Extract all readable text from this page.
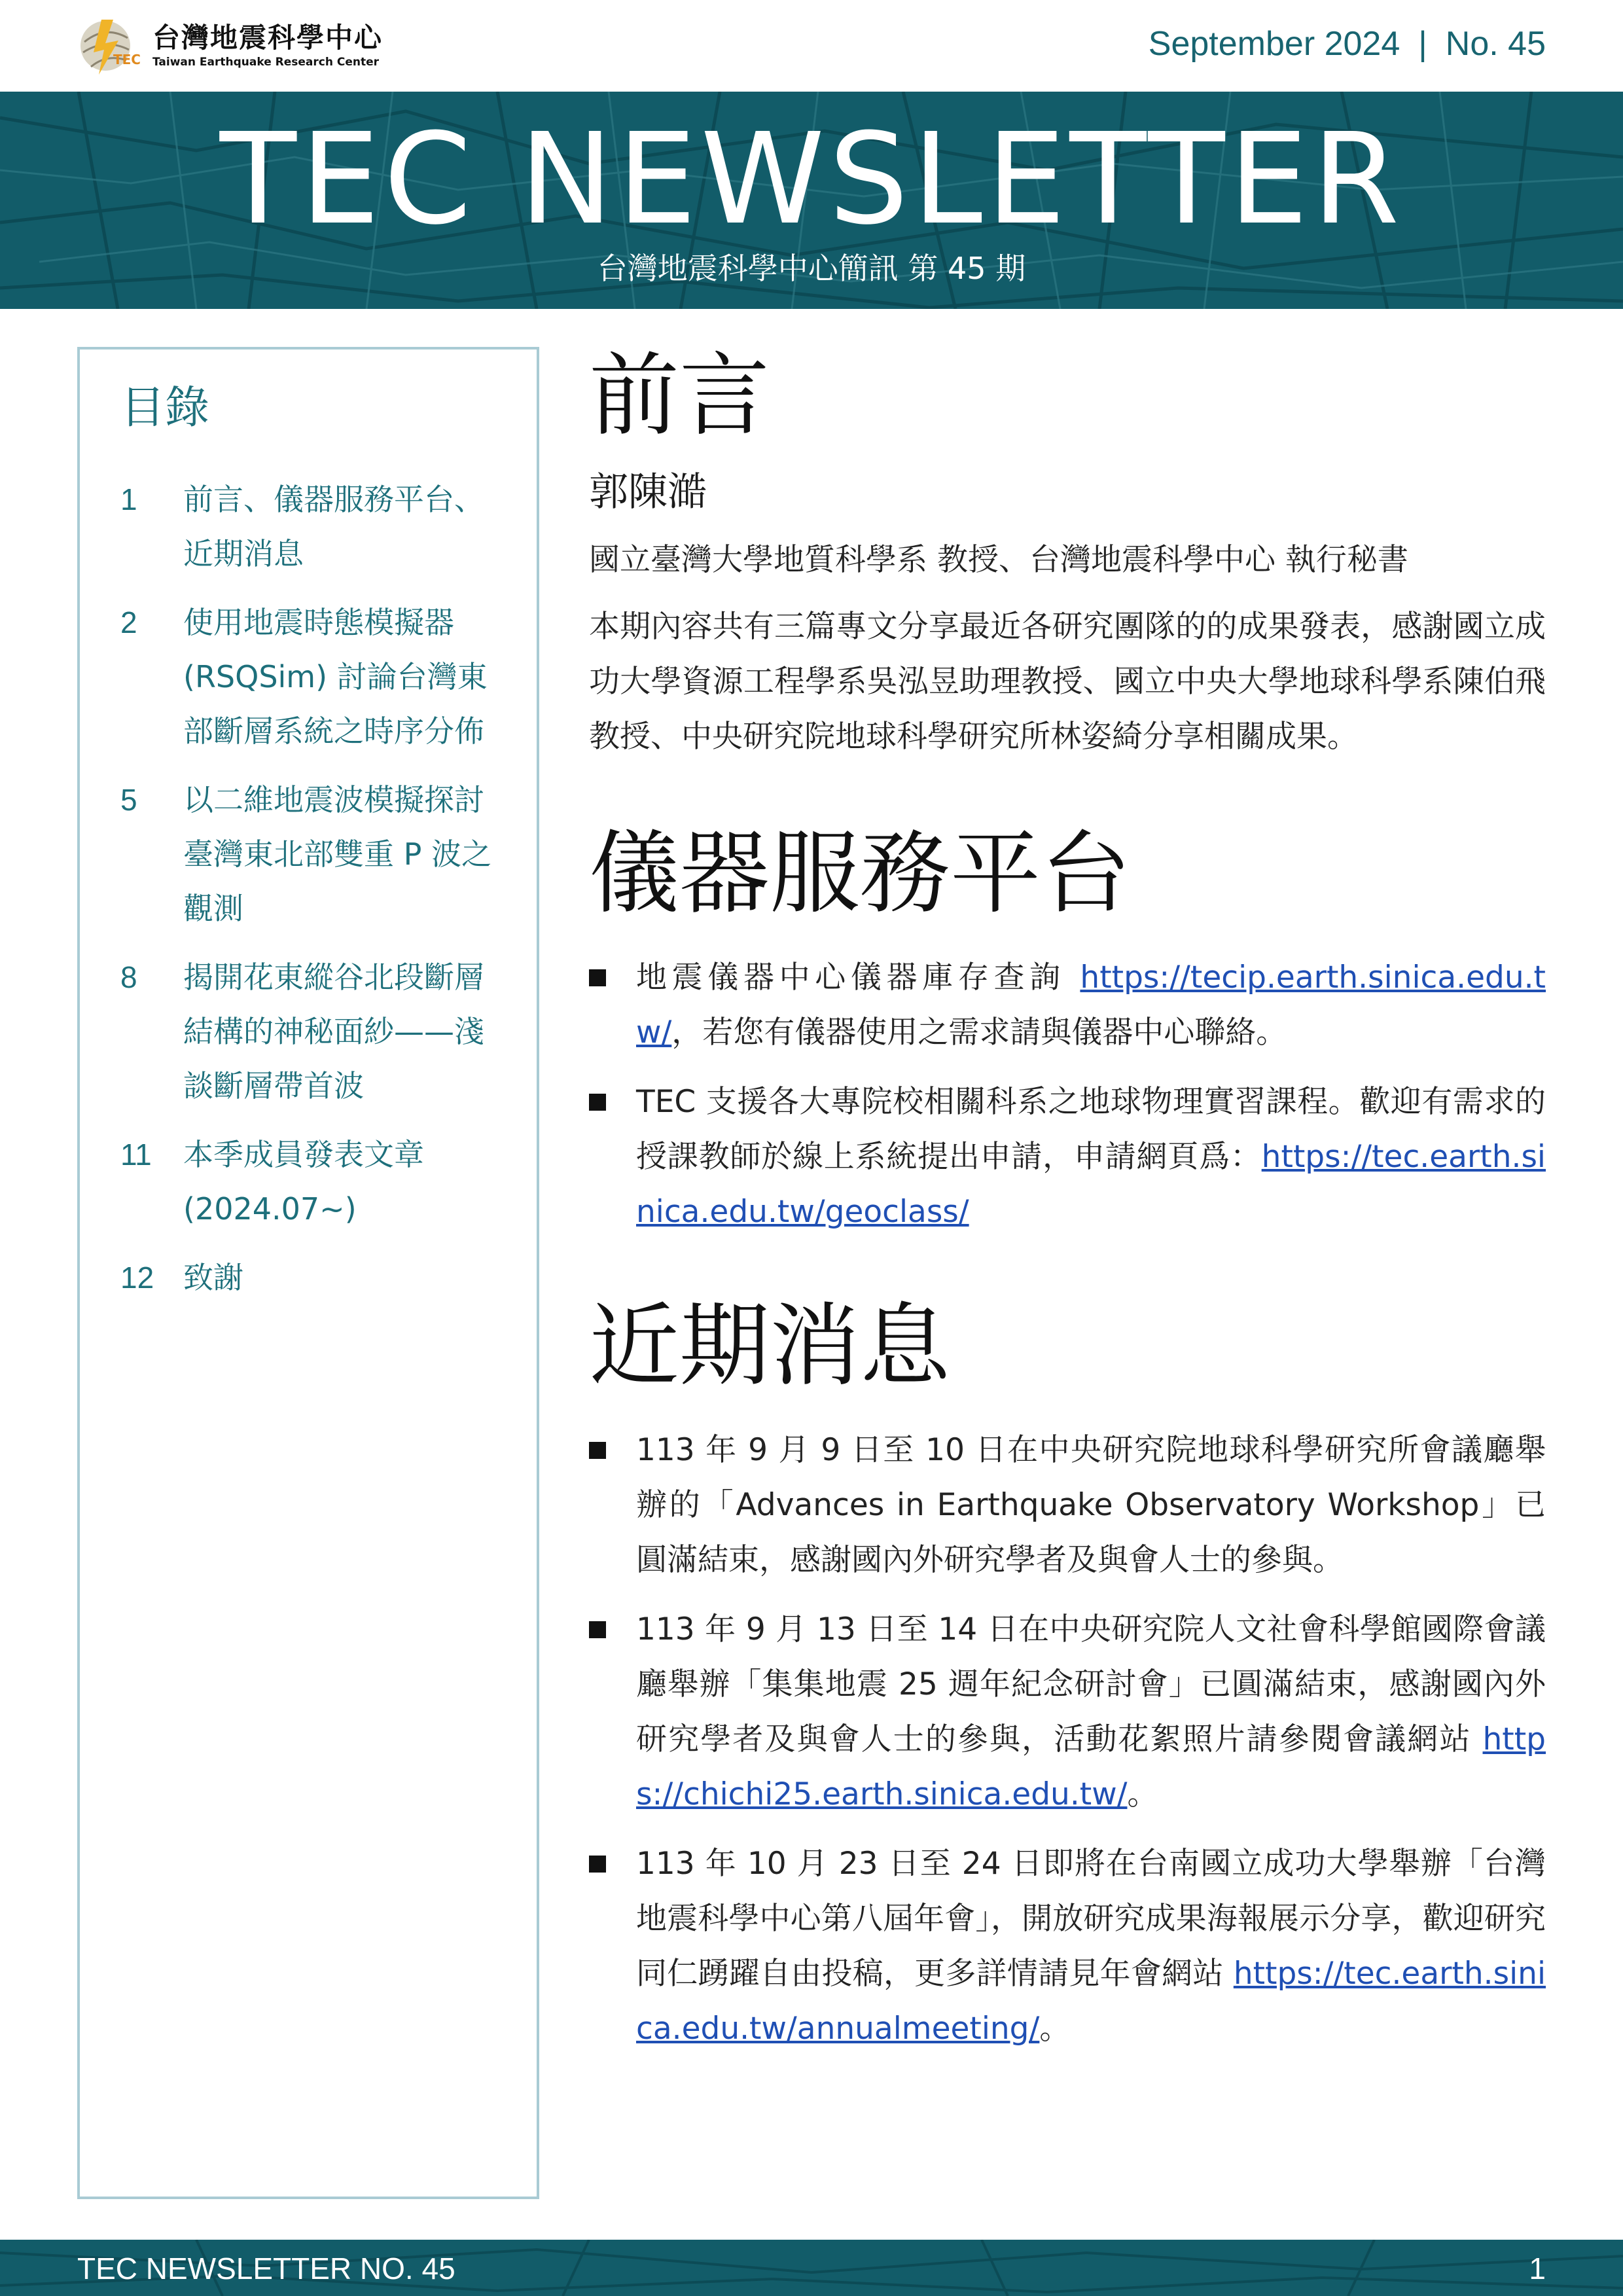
TEC
台灣地震科學中心
Taiwan Earthquake Research Center	September 2024 | No. 45
TEC NEWSLETTER
台灣地震科學中心簡訊 第 45 期
目錄
1	前言、儀器服務平台、近期消息
2	使用地震時態模擬器 (RSQSim) 討論台灣東部斷層系統之時序分佈
5	以二維地震波模擬探討臺灣東北部雙重 P 波之觀測
8	揭開花東縱谷北段斷層結構的神秘面紗——淺談斷層帶首波
11	本季成員發表文章 (2024.07~)
12 致謝
前言

郭陳澔

國立臺灣大學地質科學系 教授、台灣地震科學中心 執行秘書

本期內容共有三篇專文分享最近各研究團隊的的成果發表，感謝國立成功大學資源工程學系吳泓昱助理教授、國立中央大學地球科學系陳伯飛教授、中央研究院地球科學研究所林姿綺分享相關成果。

儀器服務平台
地震儀器中心儀器庫存查詢 https://tecip.earth.sinica.edu.tw/，若您有儀器使用之需求請與儀器中心聯絡。
TEC 支援各大專院校相關科系之地球物理實習課程。歡迎有需求的授課教師於線上系統提出申請，申請網頁爲：https://tec.earth.sinica.edu.tw/geoclass/
近期消息
113 年 9 月 9 日至 10 日在中央研究院地球科學研究所會議廳舉辦的「Advances in Earthquake Observatory Workshop」已圓滿結束，感謝國內外研究學者及與會人士的參與。
113 年 9 月 13 日至 14 日在中央研究院人文社會科學館國際會議廳舉辦「集集地震 25 週年紀念研討會」已圓滿結束，感謝國內外研究學者及與會人士的參與，活動花絮照片請參閱會議網站 https://chichi25.earth.sinica.edu.tw/。
113 年 10 月 23 日至 24 日即將在台南國立成功大學舉辦「台灣地震科學中心第八屆年會」，開放研究成果海報展示分享，歡迎研究同仁踴躍自由投稿，更多詳情請見年會網站 https://tec.earth.sinica.edu.tw/annualmeeting/。
TEC NEWSLETTER NO. 45	1
